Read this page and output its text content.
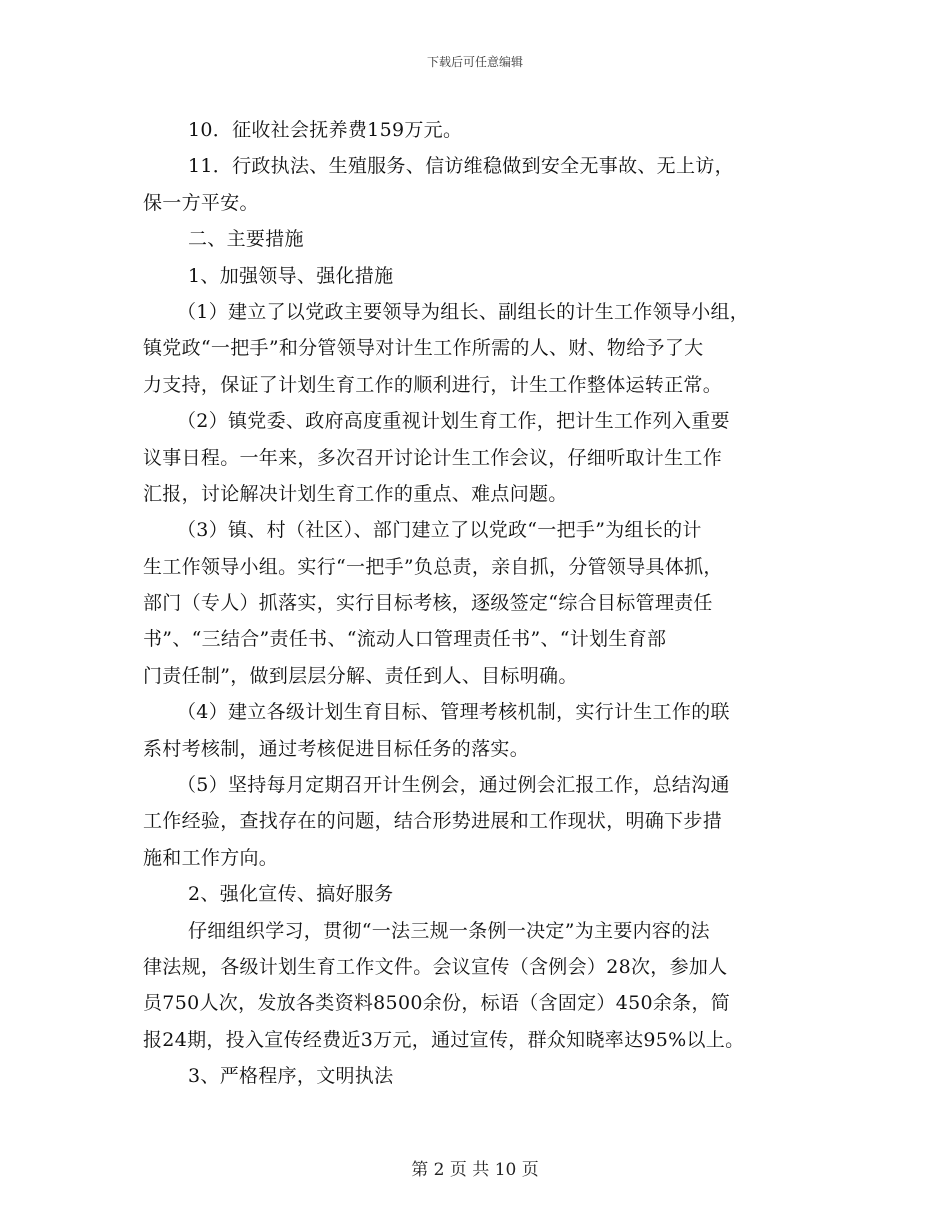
下载后可任意编辑
10．征收社会抚养费159万元。
11．行政执法、生殖服务、信访维稳做到安全无事故、无上访，
保一方平安。
二、主要措施
1、加强领导、强化措施
（1）建立了以党政主要领导为组长、副组长的计生工作领导小组，
镇党政“一把手”和分管领导对计生工作所需的人、财、物给予了大
力支持，保证了计划生育工作的顺利进行，计生工作整体运转正常。
（2）镇党委、政府高度重视计划生育工作，把计生工作列入重要
议事日程。一年来，多次召开讨论计生工作会议，仔细听取计生工作
汇报，讨论解决计划生育工作的重点、难点问题。
（3）镇、村（社区）、部门建立了以党政“一把手”为组长的计
生工作领导小组。实行“一把手”负总责，亲自抓，分管领导具体抓，
部门（专人）抓落实，实行目标考核，逐级签定“综合目标管理责任
书”、“三结合”责任书、“流动人口管理责任书”、“计划生育部
门责任制”，做到层层分解、责任到人、目标明确。
（4）建立各级计划生育目标、管理考核机制，实行计生工作的联
系村考核制，通过考核促进目标任务的落实。
（5）坚持每月定期召开计生例会，通过例会汇报工作，总结沟通
工作经验，查找存在的问题，结合形势进展和工作现状，明确下步措
施和工作方向。
2、强化宣传、搞好服务
仔细组织学习，贯彻“一法三规一条例一决定”为主要内容的法
律法规，各级计划生育工作文件。会议宣传（含例会）28次，参加人
员750人次，发放各类资料8500余份，标语（含固定）450余条，简
报24期，投入宣传经费近3万元，通过宣传，群众知晓率达95%以上。
3、严格程序，文明执法
第 2 页 共 10 页
